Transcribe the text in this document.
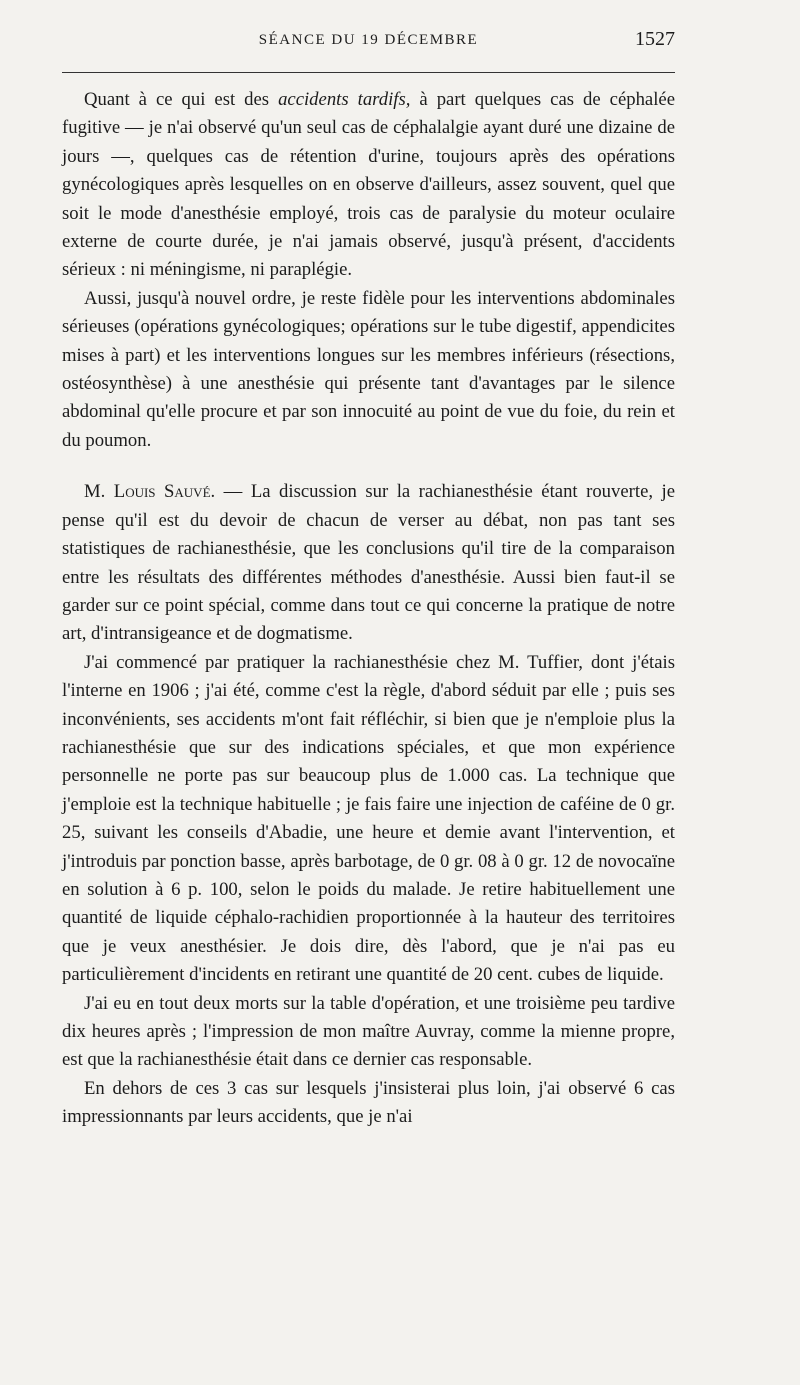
SÉANCE DU 19 DÉCEMBRE	1527

Quant à ce qui est des accidents tardifs, à part quelques cas de céphalée fugitive — je n'ai observé qu'un seul cas de céphalalgie ayant duré une dizaine de jours —, quelques cas de rétention d'urine, toujours après des opérations gynécologiques après lesquelles on en observe d'ailleurs, assez souvent, quel que soit le mode d'anesthésie employé, trois cas de paralysie du moteur oculaire externe de courte durée, je n'ai jamais observé, jusqu'à présent, d'accidents sérieux : ni méningisme, ni paraplégie.

Aussi, jusqu'à nouvel ordre, je reste fidèle pour les interventions abdominales sérieuses (opérations gynécologiques; opérations sur le tube digestif, appendicites mises à part) et les interventions longues sur les membres inférieurs (résections, ostéosynthèse) à une anesthésie qui présente tant d'avantages par le silence abdominal qu'elle procure et par son innocuité au point de vue du foie, du rein et du poumon.

M. Louis Sauvé. — La discussion sur la rachianesthésie étant rouverte, je pense qu'il est du devoir de chacun de verser au débat, non pas tant ses statistiques de rachianesthésie, que les conclusions qu'il tire de la comparaison entre les résultats des différentes méthodes d'anesthésie. Aussi bien faut-il se garder sur ce point spécial, comme dans tout ce qui concerne la pratique de notre art, d'intransigeance et de dogmatisme.

J'ai commencé par pratiquer la rachianesthésie chez M. Tuffier, dont j'étais l'interne en 1906 ; j'ai été, comme c'est la règle, d'abord séduit par elle ; puis ses inconvénients, ses accidents m'ont fait réfléchir, si bien que je n'emploie plus la rachianesthésie que sur des indications spéciales, et que mon expérience personnelle ne porte pas sur beaucoup plus de 1.000 cas. La technique que j'emploie est la technique habituelle ; je fais faire une injection de caféine de 0 gr. 25, suivant les conseils d'Abadie, une heure et demie avant l'intervention, et j'introduis par ponction basse, après barbotage, de 0 gr. 08 à 0 gr. 12 de novocaïne en solution à 6 p. 100, selon le poids du malade. Je retire habituellement une quantité de liquide céphalo-rachidien proportionnée à la hauteur des territoires que je veux anesthésier. Je dois dire, dès l'abord, que je n'ai pas eu particulièrement d'incidents en retirant une quantité de 20 cent. cubes de liquide.

J'ai eu en tout deux morts sur la table d'opération, et une troisième peu tardive dix heures après ; l'impression de mon maître Auvray, comme la mienne propre, est que la rachianesthésie était dans ce dernier cas responsable.

En dehors de ces 3 cas sur lesquels j'insisterai plus loin, j'ai observé 6 cas impressionnants par leurs accidents, que je n'ai
